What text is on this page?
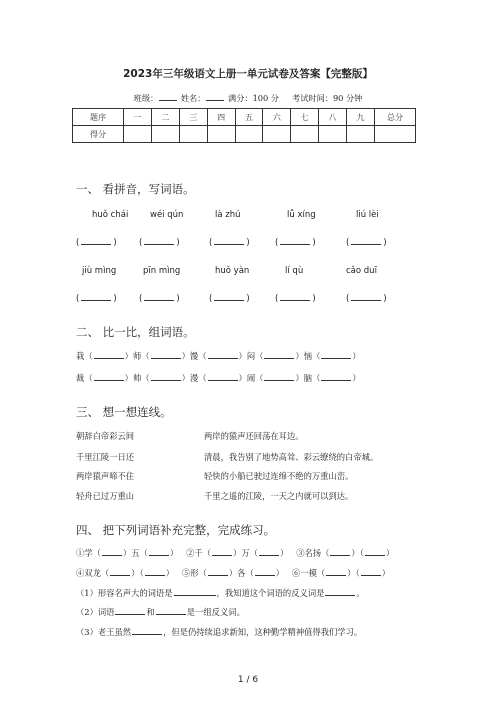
2023年三年级语文上册一单元试卷及答案【完整版】
班级：	姓名：	满分：100 分 考试时间：90 分钟
题序	一	二	三	四	五	六	七	八	九	总分
得分										
一、 看拼音，写词语。
huǒ chái	wéi qún	là zhú	lǚ xíng	liú lèi
(	)	(	)	(	)	(	)	(	)
jiù mìng	pīn mìng	huǒ yàn	lí qù	cǎo duī
(	)	(	)	(	)	(	)	(	)
二、 比一比，组词语。
栽（	）师（	）馒（	）闷（	）恼（	）
裁（	）帅（	）漫（	）闹（	）脑（	）
三、 想一想连线。
朝辞白帝彩云间
千里江陵一日还
两岸猿声啼不住
轻舟已过万重山
两岸的猿声还回荡在耳边。
清晨，我告别了地势高耸、彩云缭绕的白帝城。
轻快的小船已驶过连绵不绝的万重山峦。
千里之遥的江陵，一天之内就可以到达。
四、 把下列词语补充完整，完成练习。
①学（	）五（	） ②千（	）万（	） ③名扬（	）（	）
④双龙（	）（	） ⑤形（	）各（	） ⑥一模（	）（	）
（1）形容名声大的词语是	，我知道这个词语的反义词是	。
（2）词语	和	是一组反义词。
（3）老王虽然	，但是仍持续追求新知，这种勤学精神值得我们学习。
1 / 6
